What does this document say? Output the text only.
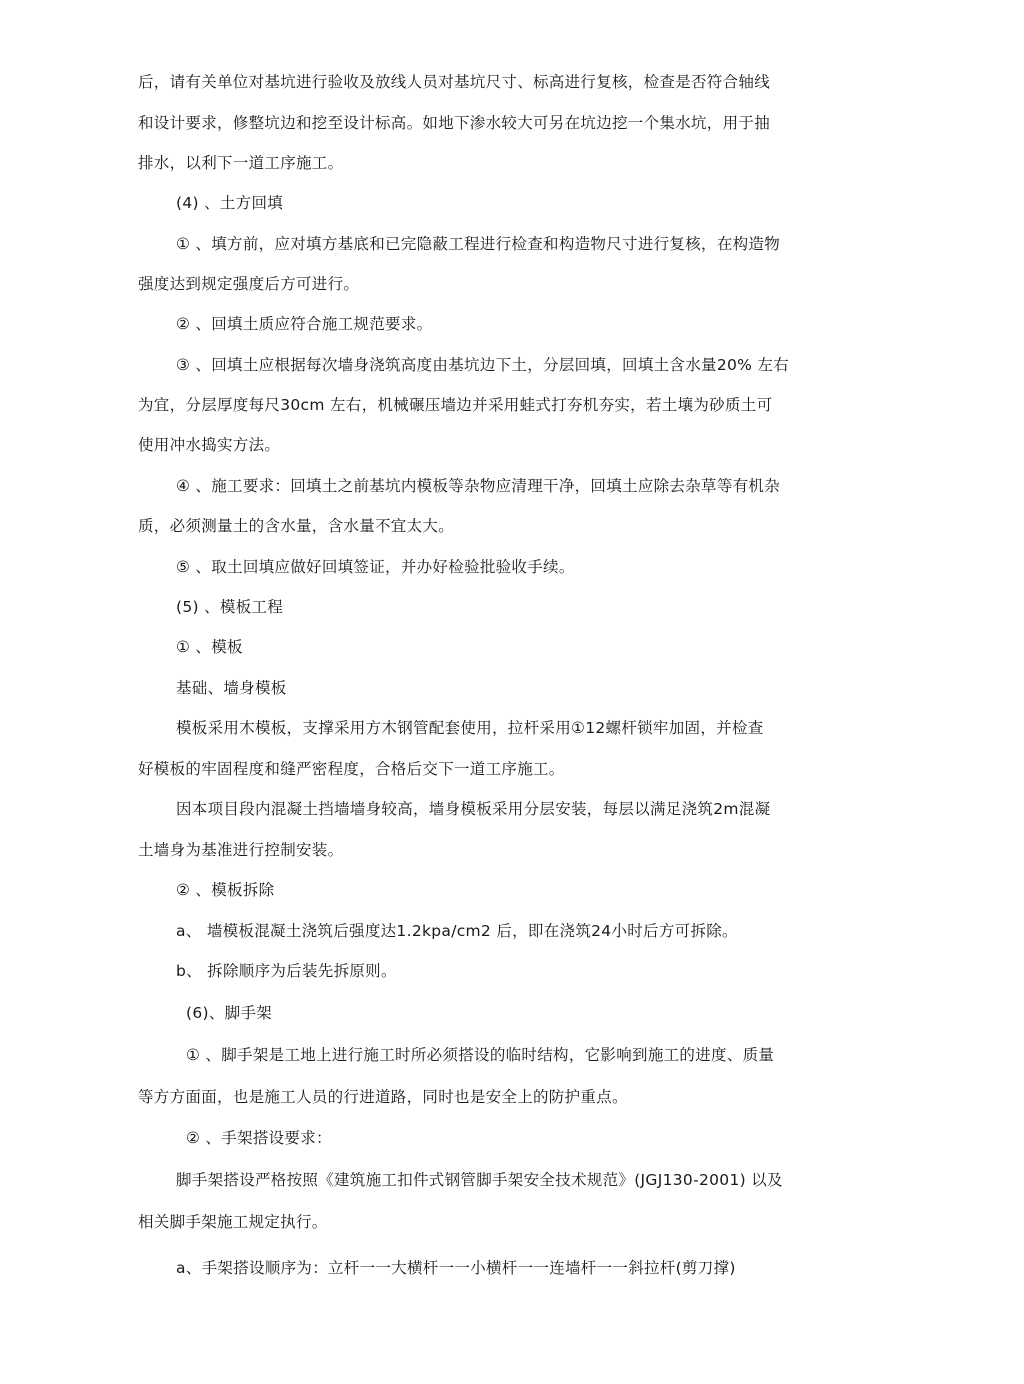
后，请有关单位对基坑进行验收及放线人员对基坑尺寸、标高进行复核，检查是否符合轴线
和设计要求，修整坑边和挖至设计标高。如地下渗水较大可另在坑边挖一个集水坑，用于抽
排水，以利下一道工序施工。
(4) 、土方回填
① 、填方前，应对填方基底和已完隐蔽工程进行检查和构造物尺寸进行复核，在构造物
强度达到规定强度后方可进行。
② 、回填土质应符合施工规范要求。
③ 、回填土应根据每次墙身浇筑高度由基坑边下土，分层回填，回填土含水量20% 左右
为宜，分层厚度每尺30cm 左右，机械碾压墙边并采用蛙式打夯机夯实，若土壤为砂质土可
使用冲水捣实方法。
④ 、施工要求：回填土之前基坑内模板等杂物应清理干净，回填土应除去杂草等有机杂
质，必须测量土的含水量，含水量不宜太大。
⑤ 、取土回填应做好回填签证，并办好检验批验收手续。
(5) 、模板工程
① 、模板
基础、墙身模板
模板采用木模板，支撑采用方木钢管配套使用，拉杆采用①12螺杆锁牢加固，并检查
好模板的牢固程度和缝严密程度，合格后交下一道工序施工。
因本项目段内混凝土挡墙墙身较高，墙身模板采用分层安装，每层以满足浇筑2m混凝
土墙身为基准进行控制安装。
② 、模板拆除
a、 墙模板混凝土浇筑后强度达1.2kpa/cm2 后，即在浇筑24小时后方可拆除。
b、 拆除顺序为后装先拆原则。
(6)、脚手架
① 、脚手架是工地上进行施工时所必须搭设的临时结构，它影响到施工的进度、质量
等方方面面，也是施工人员的行进道路，同时也是安全上的防护重点。
② 、手架搭设要求：
脚手架搭设严格按照《建筑施工扣件式钢管脚手架安全技术规范》(JGJ130-2001) 以及
相关脚手架施工规定执行。
a、手架搭设顺序为：立杆一一大横杆一一小横杆一一连墙杆一一斜拉杆(剪刀撑)
